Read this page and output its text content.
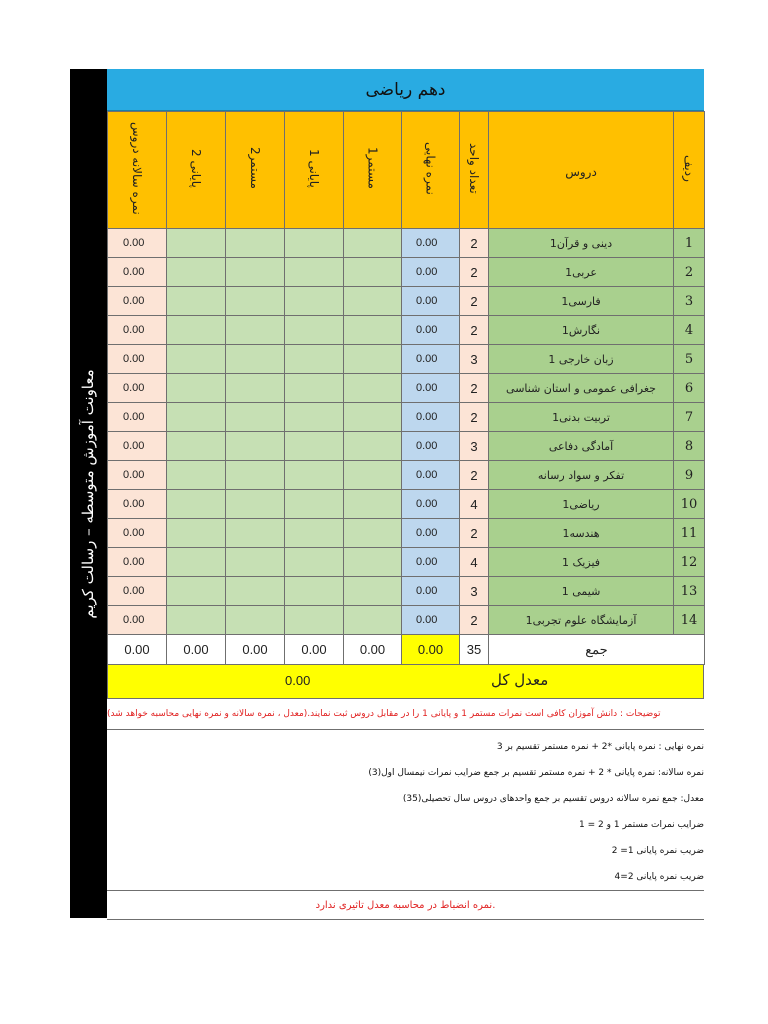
معاونت آموزش متوسطه – رسالت کریم
دهم ریاضی
نمره سالانه دروس	پایانی 2	مستمر2	پایانی 1	مستمر1	نمره نهایی	تعداد واحد	دروس	ردیف
0.00					0.00	2	دینی و قرآن1	1
0.00					0.00	2	عربی1	2
0.00					0.00	2	فارسی1	3
0.00					0.00	2	نگارش1	4
0.00					0.00	3	زبان خارجی 1	5
0.00					0.00	2	جغرافی عمومی و استان شناسی	6
0.00					0.00	2	تربیت بدنی1	7
0.00					0.00	3	آمادگی دفاعی	8
0.00					0.00	2	تفکر و سواد رسانه	9
0.00					0.00	4	ریاضی1	10
0.00					0.00	2	هندسه1	11
0.00					0.00	4	فیزیک 1	12
0.00					0.00	3	شیمی 1	13
0.00					0.00	2	آزمایشگاه علوم تجربی1	14
0.00	0.00	0.00	0.00	0.00	0.00	35	جمع	
0.00	معدل کل
توضیحات : دانش آموزان کافی است نمرات مستمر 1 و پایانی 1 را در مقابل دروس ثبت نمایند.(معدل ، نمره سالانه و نمره نهایی محاسبه خواهد شد)
نمره نهایی : نمره پایانی *2 + نمره مستمر تقسیم بر 3
نمره سالانه: نمره پایانی * 2 + نمره مستمر تقسیم بر جمع ضرایب نمرات نیمسال اول(3)
معدل: جمع نمره سالانه دروس تقسیم بر جمع واحدهای دروس سال تحصیلی(35)
ضرایب نمرات مستمر 1 و 2 = 1
ضریب نمره پایانی 1= 2
ضریب نمره پایانی 2=4
.نمره انضباط در محاسبه معدل تاثیری ندارد
